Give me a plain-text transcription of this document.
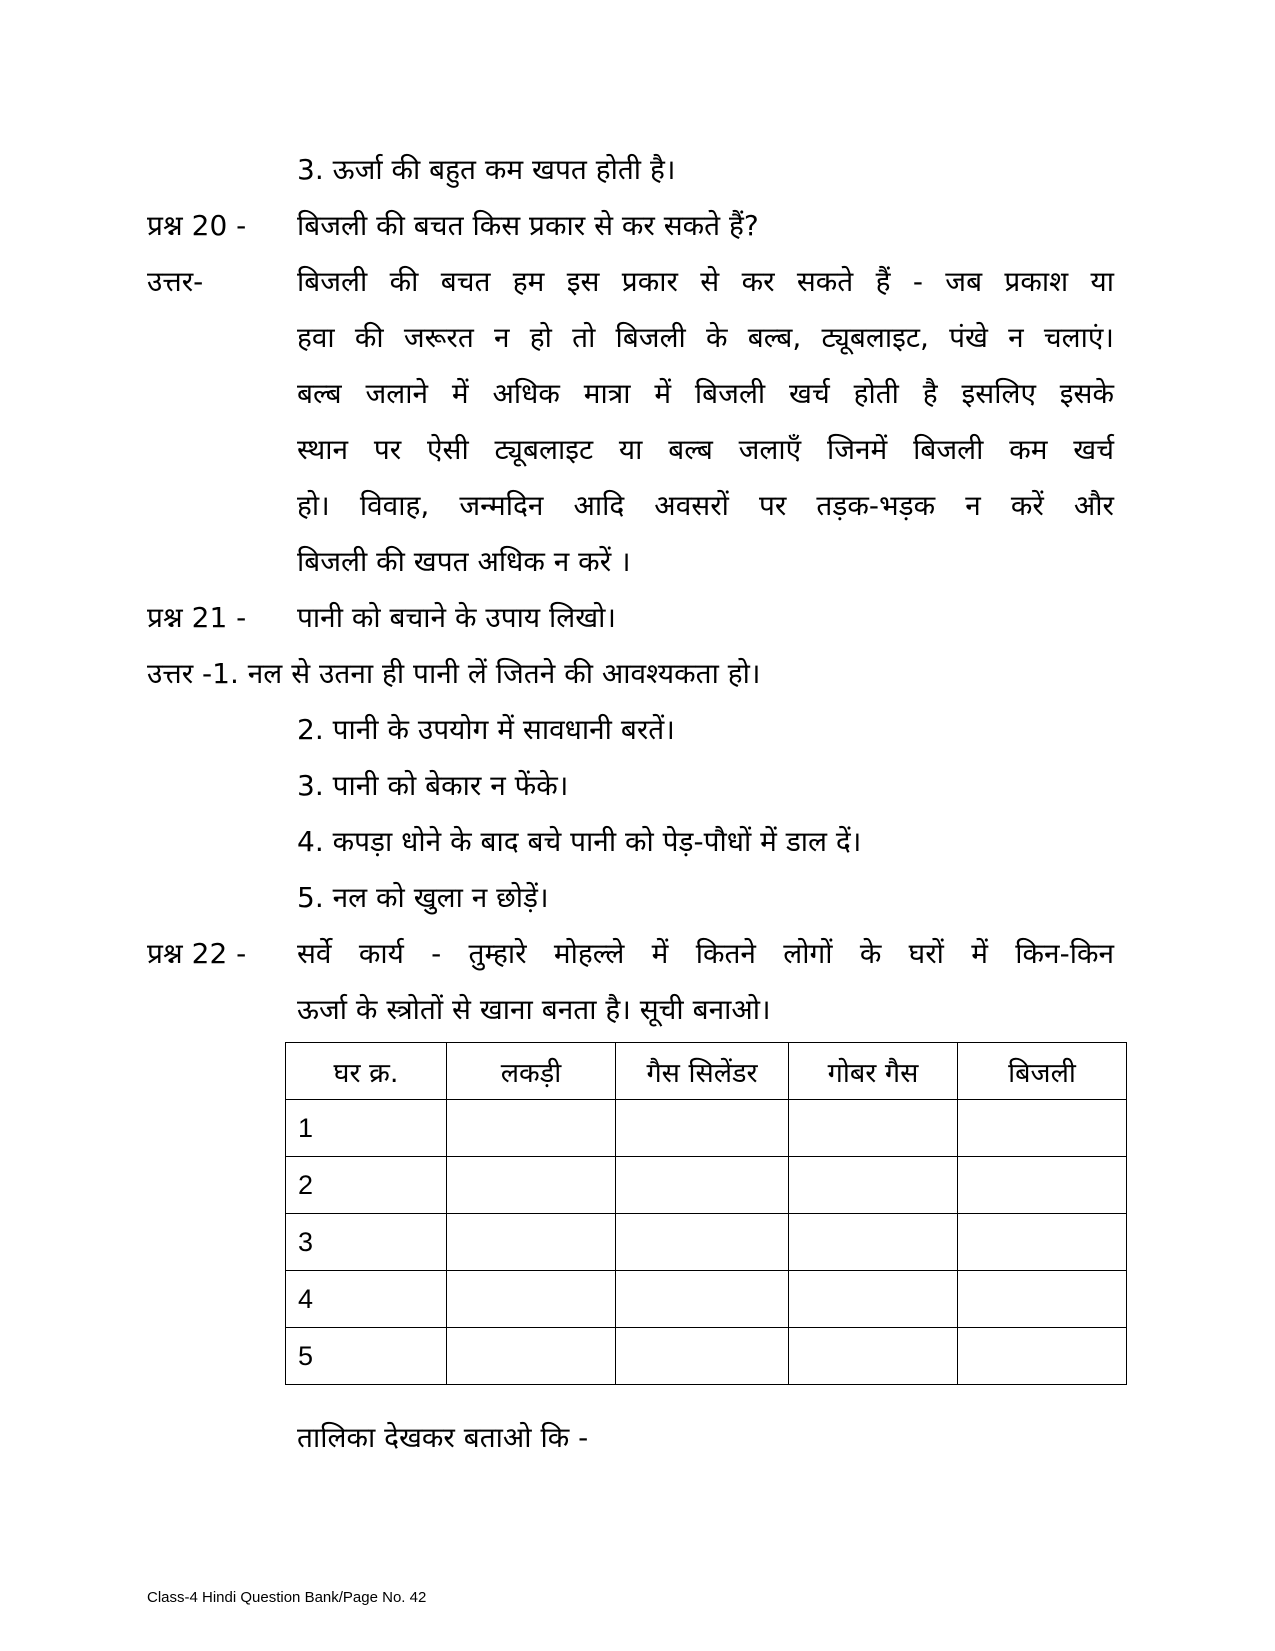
3. ऊर्जा की बहुत कम खपत होती है।
प्रश्न 20 - बिजली की बचत किस प्रकार से कर सकते हैं?
उत्तर-	बिजली की बचत हम इस प्रकार से कर सकते हैं - जब प्रकाश या
हवा की जरूरत न हो तो बिजली के बल्ब, ट्यूबलाइट, पंखे न चलाएं।
बल्ब जलाने में अधिक मात्रा में बिजली खर्च होती है इसलिए इसके
स्थान पर ऐसी ट्यूबलाइट या बल्ब जलाएँ जिनमें बिजली कम खर्च
हो। विवाह, जन्मदिन आदि अवसरों पर तड़क-भड़क न करें और
बिजली की खपत अधिक न करें ।
प्रश्न 21 - पानी को बचाने के उपाय लिखो।
उत्तर -1. नल से उतना ही पानी लें जितने की आवश्यकता हो।
2. पानी के उपयोग में सावधानी बरतें।
3. पानी को बेकार न फेंके।
4. कपड़ा धोने के बाद बचे पानी को पेड़-पौधों में डाल दें।
5. नल को खुला न छोड़ें।
प्रश्न 22 - सर्वे कार्य - तुम्हारे मोहल्ले में कितने लोगों के घरों में किन-किन
ऊर्जा के स्त्रोतों से खाना बनता है। सूची बनाओ।
घर क्र.	लकड़ी	गैस सिलेंडर	गोबर गैस	बिजली
1				
2				
3				
4				
5				
तालिका देखकर बताओ कि -
Class-4 Hindi Question Bank/Page No. 42
